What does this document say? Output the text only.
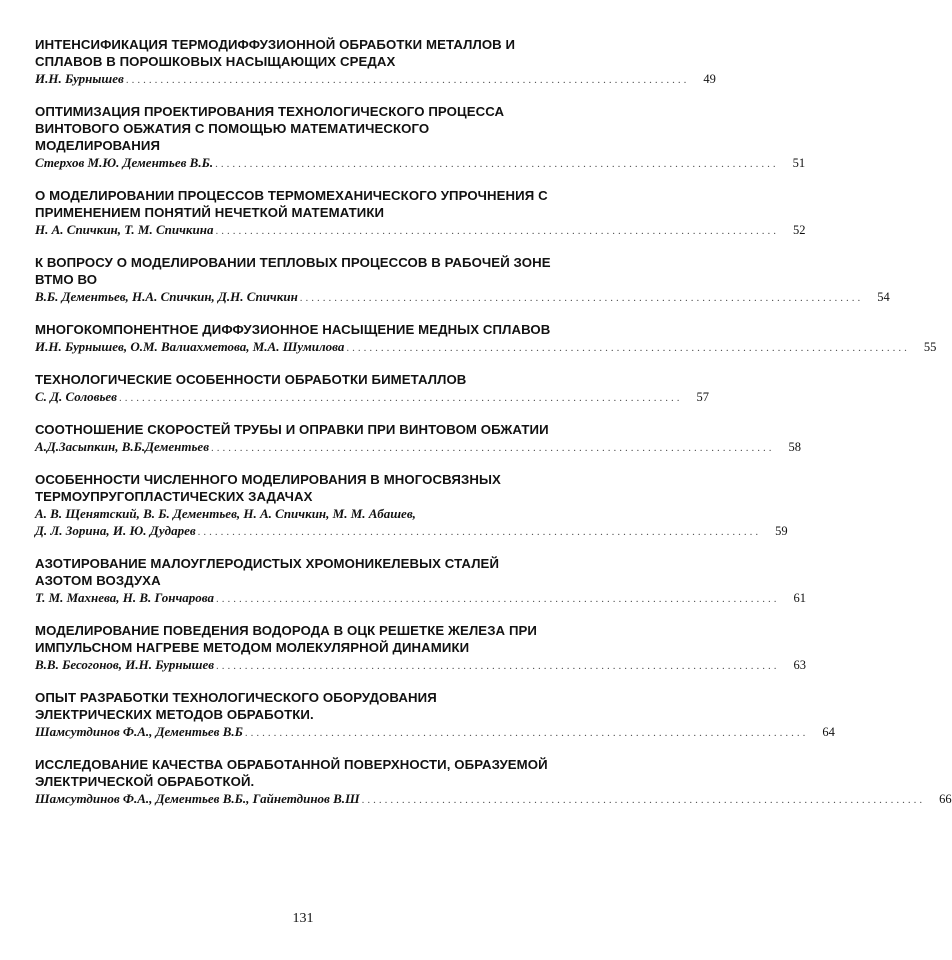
ИНТЕНСИФИКАЦИЯ ТЕРМОДИФФУЗИОННОЙ ОБРАБОТКИ МЕТАЛЛОВ И СПЛАВОВ В ПОРОШКОВЫХ НАСЫЩАЮЩИХ СРЕДАХ
И.Н. Бурнышев .................................................................................................. 49
ОПТИМИЗАЦИЯ ПРОЕКТИРОВАНИЯ ТЕХНОЛОГИЧЕСКОГО ПРОЦЕССА ВИНТОВОГО ОБЖАТИЯ С ПОМОЩЬЮ МАТЕМАТИЧЕСКОГО МОДЕЛИРОВАНИЯ
Стерхов М.Ю. Дементьев В.Б. .................................................................................................. 51
О МОДЕЛИРОВАНИИ ПРОЦЕССОВ ТЕРМОМЕХАНИЧЕСКОГО УПРОЧНЕНИЯ С ПРИМЕНЕНИЕМ ПОНЯТИЙ НЕЧЕТКОЙ МАТЕМАТИКИ
Н. А. Спичкин, Т. М. Спичкина .................................................................................................. 52
К ВОПРОСУ О МОДЕЛИРОВАНИИ ТЕПЛОВЫХ ПРОЦЕССОВ В РАБОЧЕЙ ЗОНЕ ВТМО ВО
В.Б. Дементьев, Н.А. Спичкин, Д.Н. Спичкин .................................................................................................. 54
МНОГОКОМПОНЕНТНОЕ ДИФФУЗИОННОЕ НАСЫЩЕНИЕ МЕДНЫХ СПЛАВОВ
И.Н. Бурнышев, О.М. Валиахметова, М.А. Шумилова .................................................................................................. 55
ТЕХНОЛОГИЧЕСКИЕ ОСОБЕННОСТИ ОБРАБОТКИ БИМЕТАЛЛОВ
С. Д. Соловьев .................................................................................................. 57
СООТНОШЕНИЕ СКОРОСТЕЙ ТРУБЫ И ОПРАВКИ ПРИ ВИНТОВОМ ОБЖАТИИ
А.Д.Засыпкин, В.Б.Дементьев .................................................................................................. 58
ОСОБЕННОСТИ ЧИСЛЕННОГО МОДЕЛИРОВАНИЯ В МНОГОСВЯЗНЫХ ТЕРМОУПРУГОПЛАСТИЧЕСКИХ ЗАДАЧАХ
А. В. Щенятский, В. Б. Дементьев, Н. А. Спичкин, М. М. Абашев,
Д. Л. Зорина, И. Ю. Дударев .................................................................................................. 59
АЗОТИРОВАНИЕ МАЛОУГЛЕРОДИСТЫХ ХРОМОНИКЕЛЕВЫХ СТАЛЕЙ АЗОТОМ ВОЗДУХА
Т. М. Махнева, Н. В. Гончарова .................................................................................................. 61
МОДЕЛИРОВАНИЕ ПОВЕДЕНИЯ ВОДОРОДА В ОЦК РЕШЕТКЕ ЖЕЛЕЗА ПРИ ИМПУЛЬСНОМ НАГРЕВЕ МЕТОДОМ МОЛЕКУЛЯРНОЙ ДИНАМИКИ
В.В. Бесогонов, И.Н. Бурнышев .................................................................................................. 63
ОПЫТ РАЗРАБОТКИ ТЕХНОЛОГИЧЕСКОГО ОБОРУДОВАНИЯ ЭЛЕКТРИЧЕСКИХ МЕТОДОВ ОБРАБОТКИ.
Шамсутдинов Ф.А., Дементьев В.Б .................................................................................................. 64
ИССЛЕДОВАНИЕ КАЧЕСТВА ОБРАБОТАННОЙ ПОВЕРХНОСТИ, ОБРАЗУЕМОЙ ЭЛЕКТРИЧЕСКОЙ ОБРАБОТКОЙ.
Шамсутдинов Ф.А., Дементьев В.Б., Гайнетдинов В.Ш .................................................................................................. 66
131
